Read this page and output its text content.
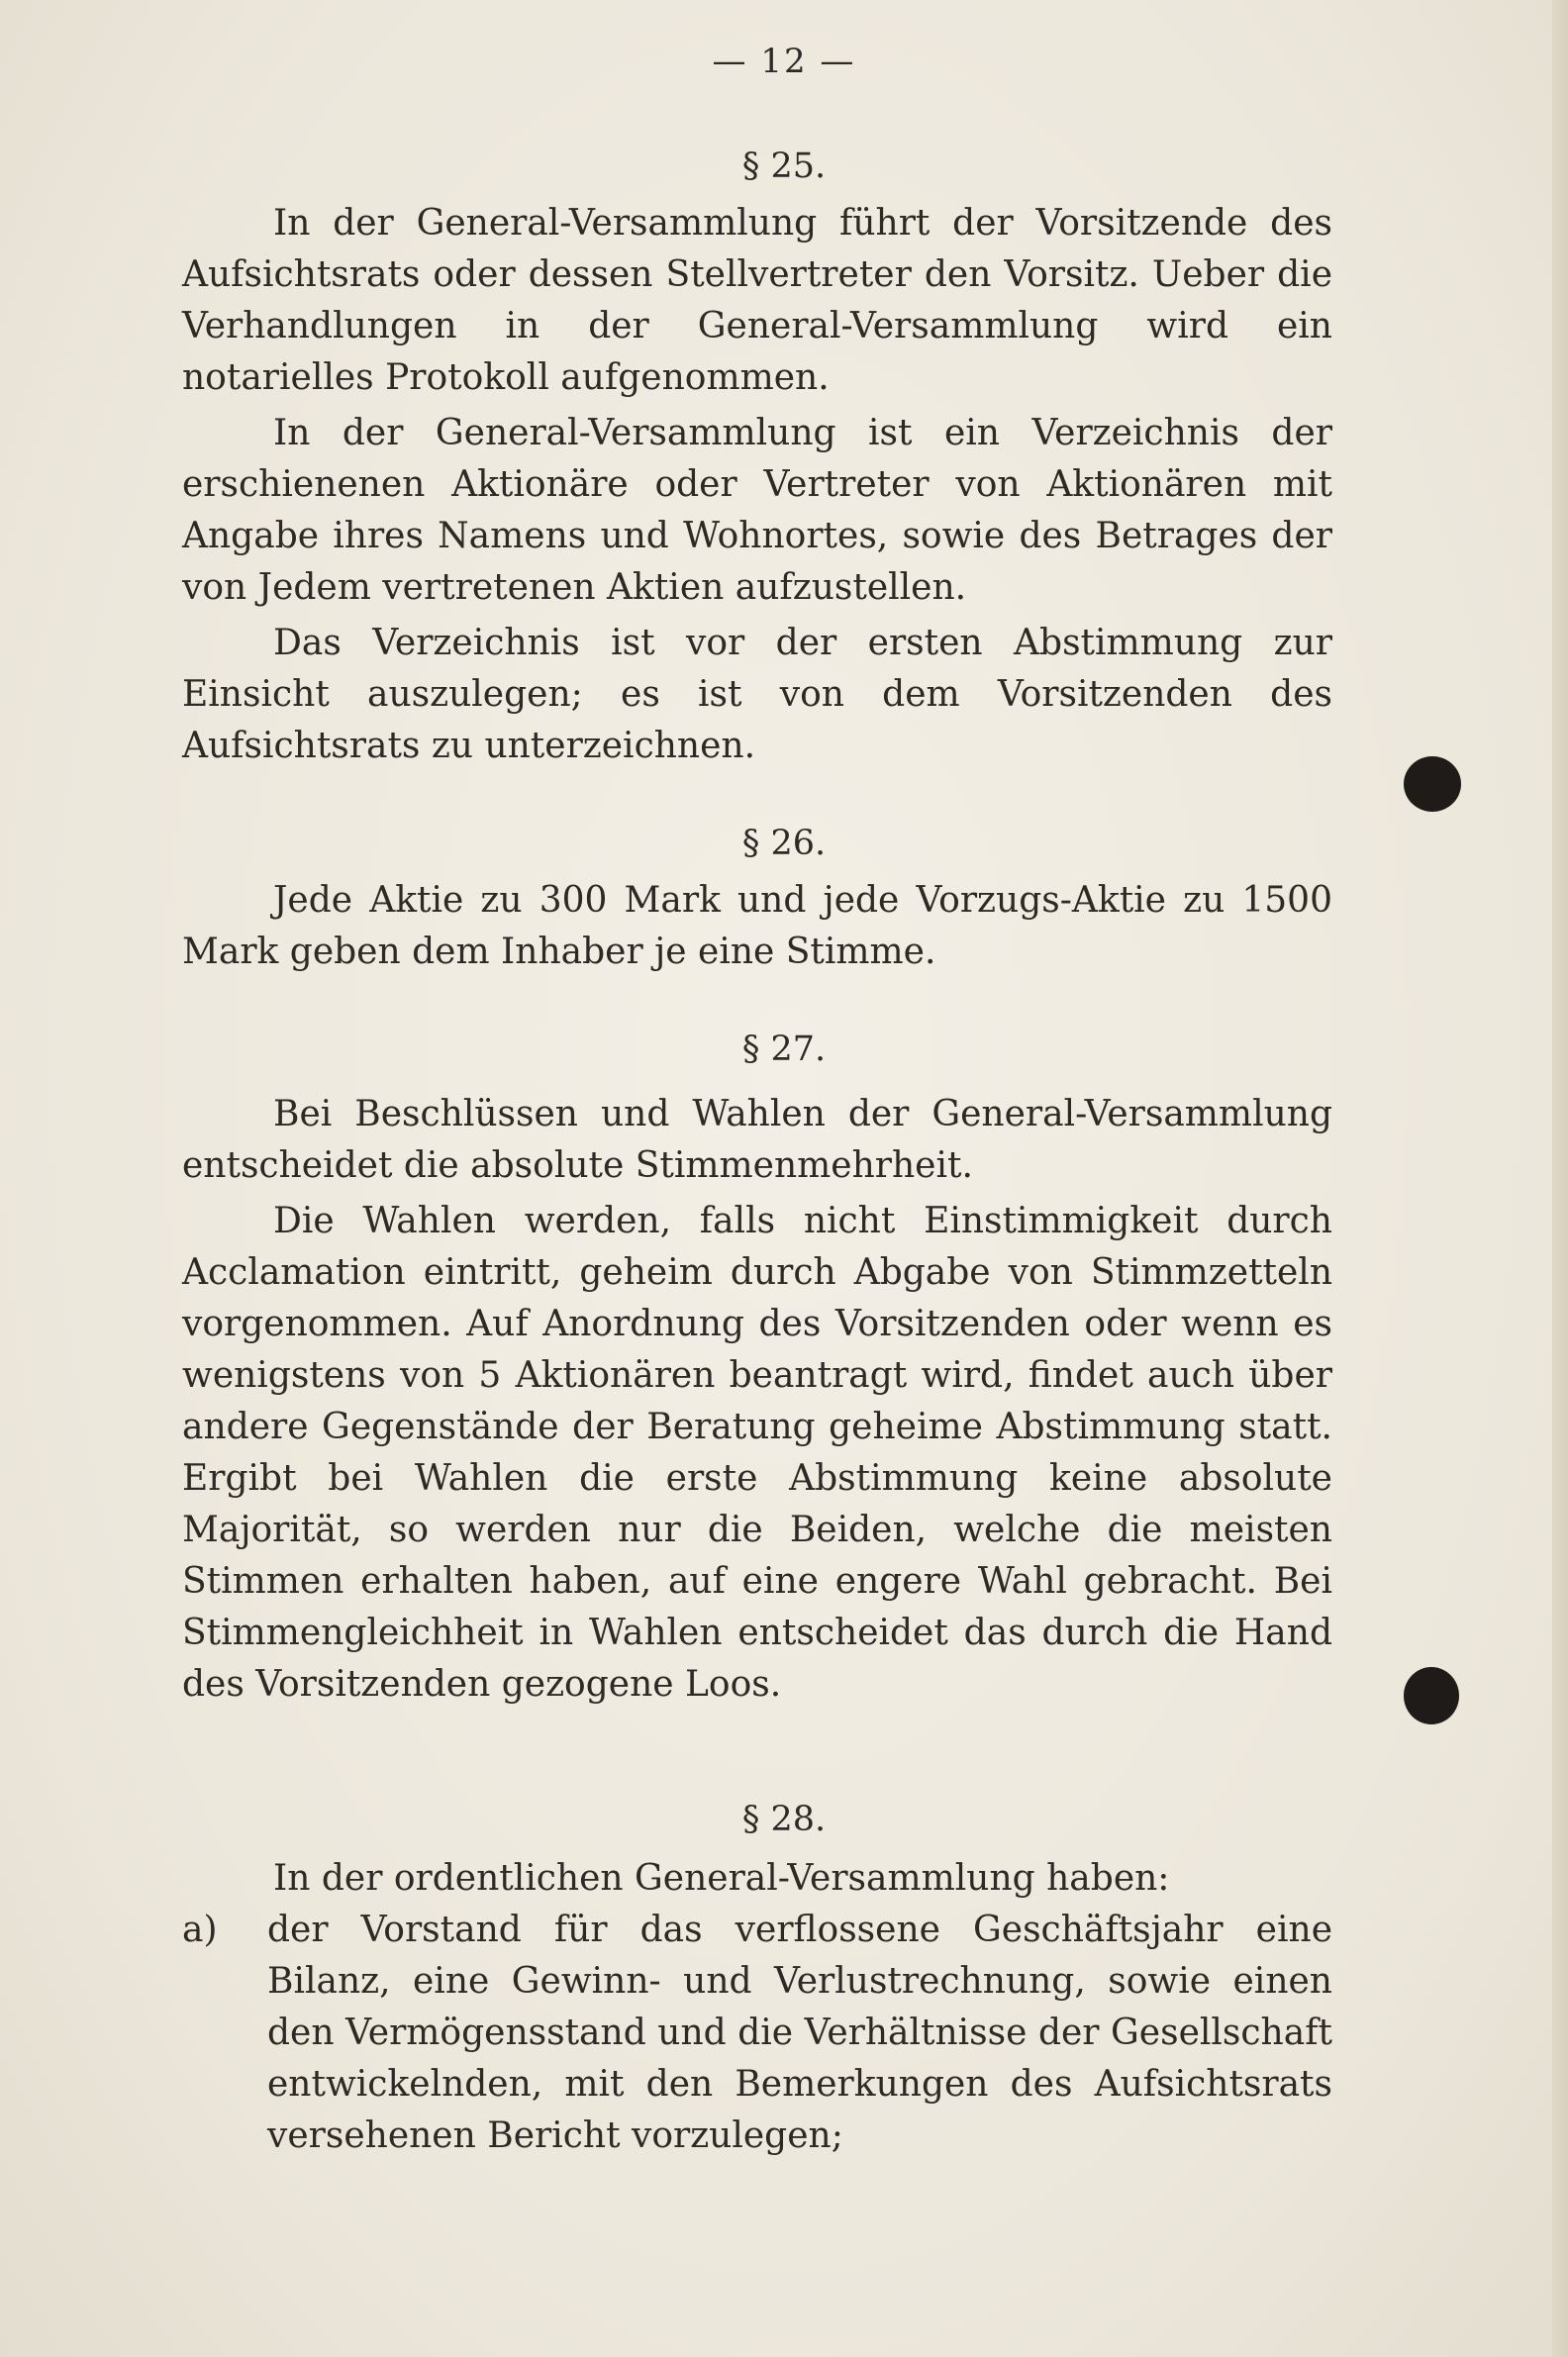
— 12 —
§ 25.

In der General-Versammlung führt der Vorsitzende des Aufsichtsrats oder dessen Stellvertreter den Vorsitz. Ueber die Verhandlungen in der General-Versammlung wird ein notarielles Protokoll aufgenommen.

In der General-Versammlung ist ein Verzeichnis der erschienenen Aktionäre oder Vertreter von Aktionären mit Angabe ihres Namens und Wohnortes, sowie des Betrages der von Jedem vertretenen Aktien aufzustellen.

Das Verzeichnis ist vor der ersten Abstimmung zur Einsicht auszulegen; es ist von dem Vorsitzenden des Aufsichtsrats zu unterzeichnen.

§ 26.

Jede Aktie zu 300 Mark und jede Vorzugs-Aktie zu 1500 Mark geben dem Inhaber je eine Stimme.

§ 27.

Bei Beschlüssen und Wahlen der General-Versammlung entscheidet die absolute Stimmenmehrheit.

Die Wahlen werden, falls nicht Einstimmigkeit durch Acclamation eintritt, geheim durch Abgabe von Stimmzetteln vorgenommen. Auf Anordnung des Vorsitzenden oder wenn es wenigstens von 5 Aktionären beantragt wird, findet auch über andere Gegenstände der Beratung geheime Abstimmung statt. Ergibt bei Wahlen die erste Abstimmung keine absolute Majorität, so werden nur die Beiden, welche die meisten Stimmen erhalten haben, auf eine engere Wahl gebracht. Bei Stimmengleichheit in Wahlen entscheidet das durch die Hand des Vorsitzenden gezogene Loos.

§ 28.

In der ordentlichen General-Versammlung haben:

a) der Vorstand für das verflossene Geschäftsjahr eine Bilanz, eine Gewinn- und Verlustrechnung, sowie einen den Vermögensstand und die Verhältnisse der Gesellschaft entwickelnden, mit den Bemerkungen des Aufsichtsrats versehenen Bericht vorzulegen;
